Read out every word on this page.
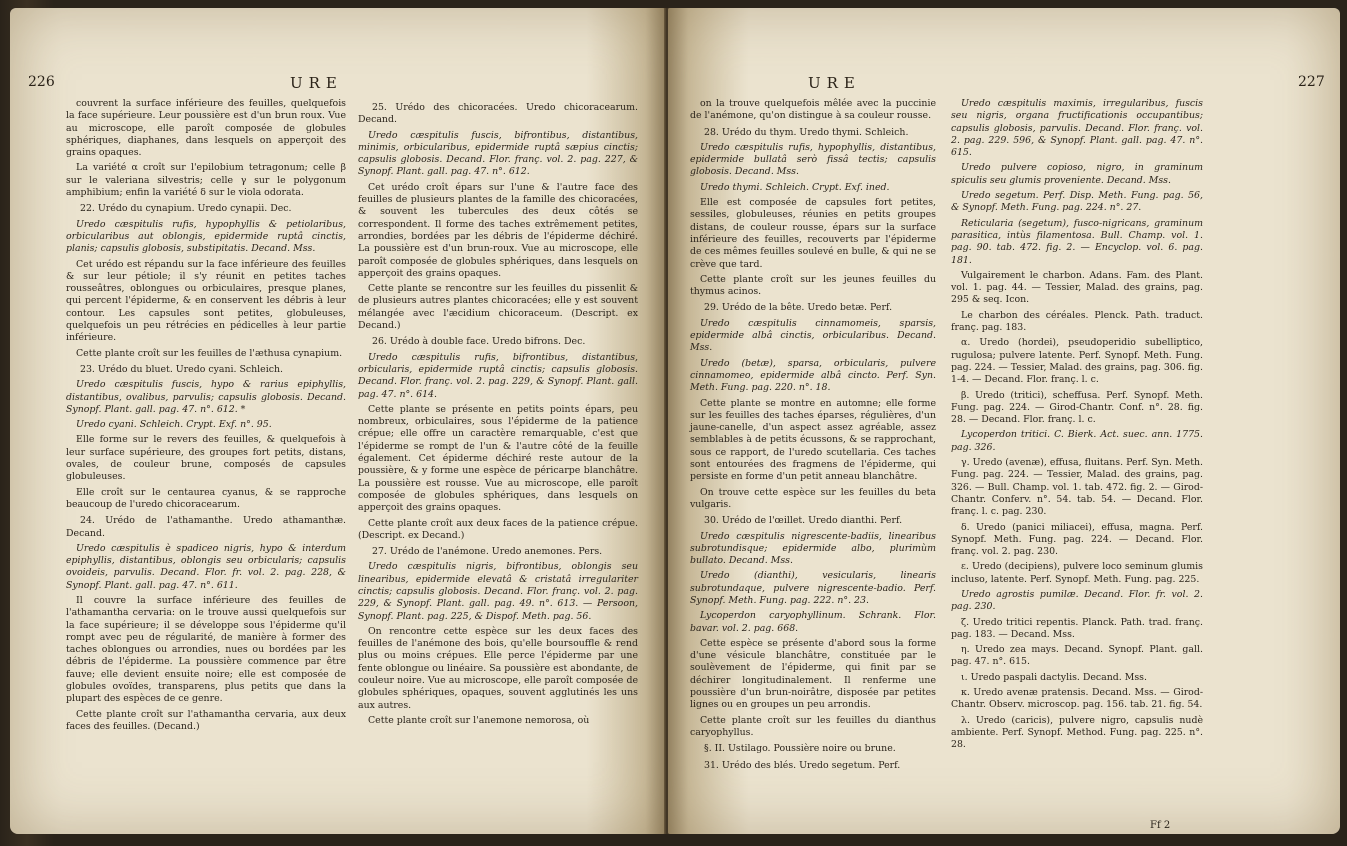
226	URE

couvrent la surface inférieure des feuilles, quelquefois la face supérieure. Leur poussière est d'un brun roux. Vue au microscope, elle paroît composée de globules sphériques, diaphanes, dans lesquels on apperçoit des grains opaques.

La variété α croît sur l'epilobium tetragonum; celle β sur le valeriana silvestris; celle γ sur le polygonum amphibium; enfin la variété δ sur le viola odorata.

22. Urédo du cynapium. Uredo cynapii. Dec.

Uredo cæspitulis rufis, hypophyllis & petiolaribus, orbicularibus aut oblongis, epidermide ruptâ cinctis, planis; capsulis globosis, substipitatis. Decand. Mss.

Cet urédo est répandu sur la face inférieure des feuilles & sur leur pétiole; il s'y réunit en petites taches rousseâtres, oblongues ou orbiculaires, presque planes, qui percent l'épiderme, & en conservent les débris à leur contour. Les capsules sont petites, globuleuses, quelquefois un peu rétrécies en pédicelles à leur partie inférieure.

Cette plante croît sur les feuilles de l'æthusa cynapium.

23. Urédo du bluet. Uredo cyani. Schleich.

Uredo cæspitulis fuscis, hypo & rarius epiphyllis, distantibus, ovalibus, parvulis; capsulis globosis. Decand. Synopf. Plant. gall. pag. 47. n°. 612. *

Uredo cyani. Schleich. Crypt. Exf. n°. 95.

Elle forme sur le revers des feuilles, & quelquefois à leur surface supérieure, des groupes fort petits, distans, ovales, de couleur brune, composés de capsules globuleuses.

Elle croît sur le centaurea cyanus, & se rapproche beaucoup de l'uredo chicoracearum.

24. Urédo de l'athamanthe. Uredo athamanthæ. Decand.

Uredo cæspitulis è spadiceo nigris, hypo & interdum epiphyllis, distantibus, oblongis seu orbicularis; capsulis ovoideis, parvulis. Decand. Flor. fr. vol. 2. pag. 228, & Synopf. Plant. gall. pag. 47. n°. 611.

Il couvre la surface inférieure des feuilles de l'athamantha cervaria: on le trouve aussi quelquefois sur la face supérieure; il se développe sous l'épiderme qu'il rompt avec peu de régularité, de manière à former des taches oblongues ou arrondies, nues ou bordées par les débris de l'épiderme. La poussière commence par être fauve; elle devient ensuite noire; elle est composée de globules ovoïdes, transparens, plus petits que dans la plupart des espèces de ce genre.

Cette plante croît sur l'athamantha cervaria, aux deux faces des feuilles. (Decand.)

25. Urédo des chicoracées. Uredo chicoracearum. Decand.

Uredo cæspitulis fuscis, bifrontibus, distantibus, minimis, orbicularibus, epidermide ruptâ sæpius cinctis; capsulis globosis. Decand. Flor. franç. vol. 2. pag. 227, & Synopf. Plant. gall. pag. 47. n°. 612.

Cet urédo croît épars sur l'une & l'autre face des feuilles de plusieurs plantes de la famille des chicoracées, & souvent les tubercules des deux côtés se correspondent. Il forme des taches extrêmement petites, arrondies, bordées par les débris de l'épiderme déchiré. La poussière est d'un brun-roux. Vue au microscope, elle paroît composée de globules sphériques, dans lesquels on apperçoit des grains opaques.

Cette plante se rencontre sur les feuilles du pissenlit & de plusieurs autres plantes chicoracées; elle y est souvent mélangée avec l'æcidium chicoraceum. (Descript. ex Decand.)

26. Urédo à double face. Uredo bifrons. Dec.

Uredo cæspitulis rufis, bifrontibus, distantibus, orbicularis, epidermide ruptâ cinctis; capsulis globosis. Decand. Flor. franç. vol. 2. pag. 229, & Synopf. Plant. gall. pag. 47. n°. 614.

Cette plante se présente en petits points épars, peu nombreux, orbiculaires, sous l'épiderme de la patience crépue; elle offre un caractère remarquable, c'est que l'épiderme se rompt de l'un & l'autre côté de la feuille également. Cet épiderme déchiré reste autour de la poussière, & y forme une espèce de péricarpe blanchâtre. La poussière est rousse. Vue au microscope, elle paroît composée de globules sphériques, dans lesquels on apperçoit des grains opaques.

Cette plante croît aux deux faces de la patience crépue. (Descript. ex Decand.)

27. Urédo de l'anémone. Uredo anemones. Pers.

Uredo cæspitulis nigris, bifrontibus, oblongis seu linearibus, epidermide elevatâ & cristatâ irregulariter cinctis; capsulis globosis. Decand. Flor. franç. vol. 2. pag. 229, & Synopf. Plant. gall. pag. 49. n°. 613. — Persoon, Synopf. Plant. pag. 225, & Dispof. Meth. pag. 56.

On rencontre cette espèce sur les deux faces des feuilles de l'anémone des bois, qu'elle boursouffle & rend plus ou moins crépues. Elle perce l'épiderme par une fente oblongue ou linéaire. Sa poussière est abondante, de couleur noire. Vue au microscope, elle paroît composée de globules sphériques, opaques, souvent agglutinés les uns aux autres.

Cette plante croît sur l'anemone nemorosa, où

URE	227

on la trouve quelquefois mêlée avec la puccinie de l'anémone, qu'on distingue à sa couleur rousse.

28. Urédo du thym. Uredo thymi. Schleich.

Uredo cæspitulis rufis, hypophyllis, distantibus, epidermide bullatâ serò fissâ tectis; capsulis globosis. Decand. Mss.

Uredo thymi. Schleich. Crypt. Exf. ined.

Elle est composée de capsules fort petites, sessiles, globuleuses, réunies en petits groupes distans, de couleur rousse, épars sur la surface inférieure des feuilles, recouverts par l'épiderme de ces mêmes feuilles soulevé en bulle, & qui ne se crève que tard.

Cette plante croît sur les jeunes feuilles du thymus acinos.

29. Urédo de la bête. Uredo betæ. Perf.

Uredo cæspitulis cinnamomeis, sparsis, epidermide albâ cinctis, orbicularibus. Decand. Mss.

Uredo (betæ), sparsa, orbicularis, pulvere cinnamomeo, epidermide albâ cincto. Perf. Syn. Meth. Fung. pag. 220. n°. 18.

Cette plante se montre en automne; elle forme sur les feuilles des taches éparses, régulières, d'un jaune-canelle, d'un aspect assez agréable, assez semblables à de petits écussons, & se rapprochant, sous ce rapport, de l'uredo scutellaria. Ces taches sont entourées des fragmens de l'épiderme, qui persiste en forme d'un petit anneau blanchâtre.

On trouve cette espèce sur les feuilles du beta vulgaris.

30. Urédo de l'œillet. Uredo dianthi. Perf.

Uredo cæspitulis nigrescente-badiis, linearibus subrotundisque; epidermide albo, plurimùm bullato. Decand. Mss.

Uredo (dianthi), vesicularis, linearis subrotundaque, pulvere nigrescente-badio. Perf. Synopf. Meth. Fung. pag. 222. n°. 23.

Lycoperdon caryophyllinum. Schrank. Flor. bavar. vol. 2. pag. 668.

Cette espèce se présente d'abord sous la forme d'une vésicule blanchâtre, constituée par le soulèvement de l'épiderme, qui finit par se déchirer longitudinalement. Il renferme une poussière d'un brun-noirâtre, disposée par petites lignes ou en groupes un peu arrondis.

Cette plante croît sur les feuilles du dianthus caryophyllus.

§. II. Ustilago. Poussière noire ou brune.

31. Urédo des blés. Uredo segetum. Perf.

Uredo cæspitulis maximis, irregularibus, fuscis seu nigris, organa fructificationis occupantibus; capsulis globosis, parvulis. Decand. Flor. franç. vol. 2. pag. 229. 596, & Synopf. Plant. gall. pag. 47. n°. 615.

Uredo pulvere copioso, nigro, in graminum spiculis seu glumis proveniente. Decand. Mss.

Uredo segetum. Perf. Disp. Meth. Fung. pag. 56, & Synopf. Meth. Fung. pag. 224. n°. 27.

Reticularia (segetum), fusco-nigricans, graminum parasitica, intùs filamentosa. Bull. Champ. vol. 1. pag. 90. tab. 472. fig. 2. — Encyclop. vol. 6. pag. 181.

Vulgairement le charbon. Adans. Fam. des Plant. vol. 1. pag. 44. — Tessier, Malad. des grains, pag. 295 & seq. Icon.

Le charbon des céréales. Plenck. Path. traduct. franç. pag. 183.

α. Uredo (hordei), pseudoperidio subelliptico, rugulosa; pulvere latente. Perf. Synopf. Meth. Fung. pag. 224. — Tessier, Malad. des grains, pag. 306. fig. 1-4. — Decand. Flor. franç. l. c.

β. Uredo (tritici), scheffusa. Perf. Synopf. Meth. Fung. pag. 224. — Girod-Chantr. Conf. n°. 28. fig. 28. — Decand. Flor. franç. l. c.

Lycoperdon tritici. C. Bierk. Act. suec. ann. 1775. pag. 326.

γ. Uredo (avenæ), effusa, fluitans. Perf. Syn. Meth. Fung. pag. 224. — Tessier, Malad. des grains, pag. 326. — Bull. Champ. vol. 1. tab. 472. fig. 2. — Girod-Chantr. Conferv. n°. 54. tab. 54. — Decand. Flor. franç. l. c. pag. 230.

δ. Uredo (panici miliacei), effusa, magna. Perf. Synopf. Meth. Fung. pag. 224. — Decand. Flor. franç. vol. 2. pag. 230.

ε. Uredo (decipiens), pulvere loco seminum glumis incluso, latente. Perf. Synopf. Meth. Fung. pag. 225.

Uredo agrostis pumilæ. Decand. Flor. fr. vol. 2. pag. 230.

ζ. Uredo tritici repentis. Planck. Path. trad. franç. pag. 183. — Decand. Mss.

η. Uredo zea mays. Decand. Synopf. Plant. gall. pag. 47. n°. 615.

ι. Uredo paspali dactylis. Decand. Mss.

κ. Uredo avenæ pratensis. Decand. Mss. — Girod-Chantr. Observ. microscop. pag. 156. tab. 21. fig. 54.

λ. Uredo (caricis), pulvere nigro, capsulis nudè ambiente. Perf. Synopf. Method. Fung. pag. 225. n°. 28.

Ff 2
